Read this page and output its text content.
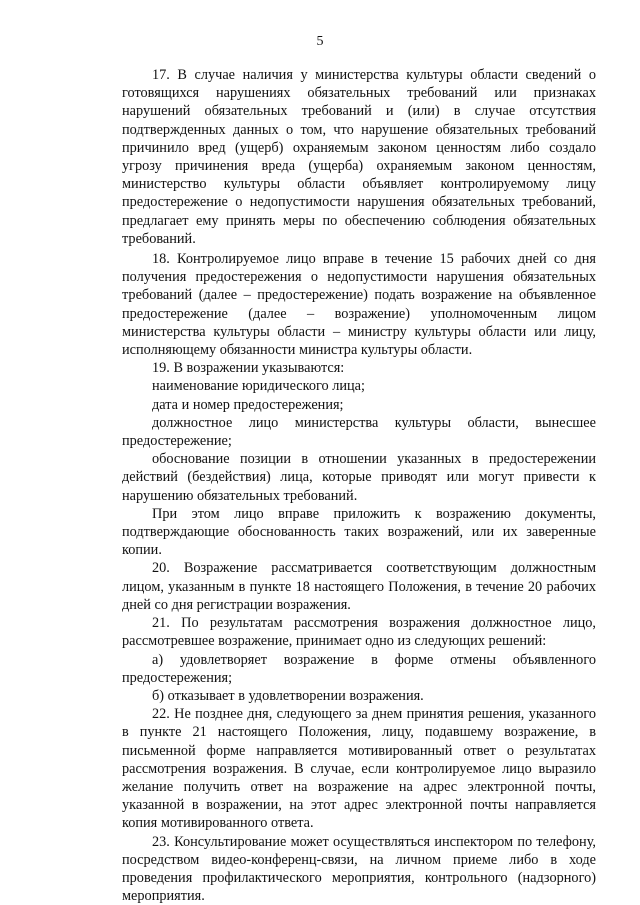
5

17. В случае наличия у министерства культуры области сведений о готовящихся нарушениях обязательных требований или признаках нарушений обязательных требований и (или) в случае отсутствия подтвержденных данных о том, что нарушение обязательных требований причинило вред (ущерб) охраняемым законом ценностям либо создало угрозу причинения вреда (ущерба) охраняемым законом ценностям, министерство культуры области объявляет контролируемому лицу предостережение о недопустимости нарушения обязательных требований, предлагает ему принять меры по обеспечению соблюдения обязательных требований.

18. Контролируемое лицо вправе в течение 15 рабочих дней со дня получения предостережения о недопустимости нарушения обязательных требований (далее – предостережение) подать возражение на объявленное предостережение (далее – возражение) уполномоченным лицом министерства культуры области – министру культуры области или лицу, исполняющему обязанности министра культуры области.

19. В возражении указываются:

наименование юридического лица;

дата и номер предостережения;

должностное лицо министерства культуры области, вынесшее предостережение;

обоснование позиции в отношении указанных в предостережении действий (бездействия) лица, которые приводят или могут привести к нарушению обязательных требований.

При этом лицо вправе приложить к возражению документы, подтверждающие обоснованность таких возражений, или их заверенные копии.

20. Возражение рассматривается соответствующим должностным лицом, указанным в пункте 18 настоящего Положения, в течение 20 рабочих дней со дня регистрации возражения.

21. По результатам рассмотрения возражения должностное лицо, рассмотревшее возражение, принимает одно из следующих решений:

а) удовлетворяет возражение в форме отмены объявленного предостережения;

б) отказывает в удовлетворении возражения.

22. Не позднее дня, следующего за днем принятия решения, указанного в пункте 21 настоящего Положения, лицу, подавшему возражение, в письменной форме направляется мотивированный ответ о результатах рассмотрения возражения. В случае, если контролируемое лицо выразило желание получить ответ на возражение на адрес электронной почты, указанной в возражении, на этот адрес электронной почты направляется копия мотивированного ответа.

23. Консультирование может осуществляться инспектором по телефону, посредством видео-конференц-связи, на личном приеме либо в ходе проведения профилактического мероприятия, контрольного (надзорного) мероприятия.
